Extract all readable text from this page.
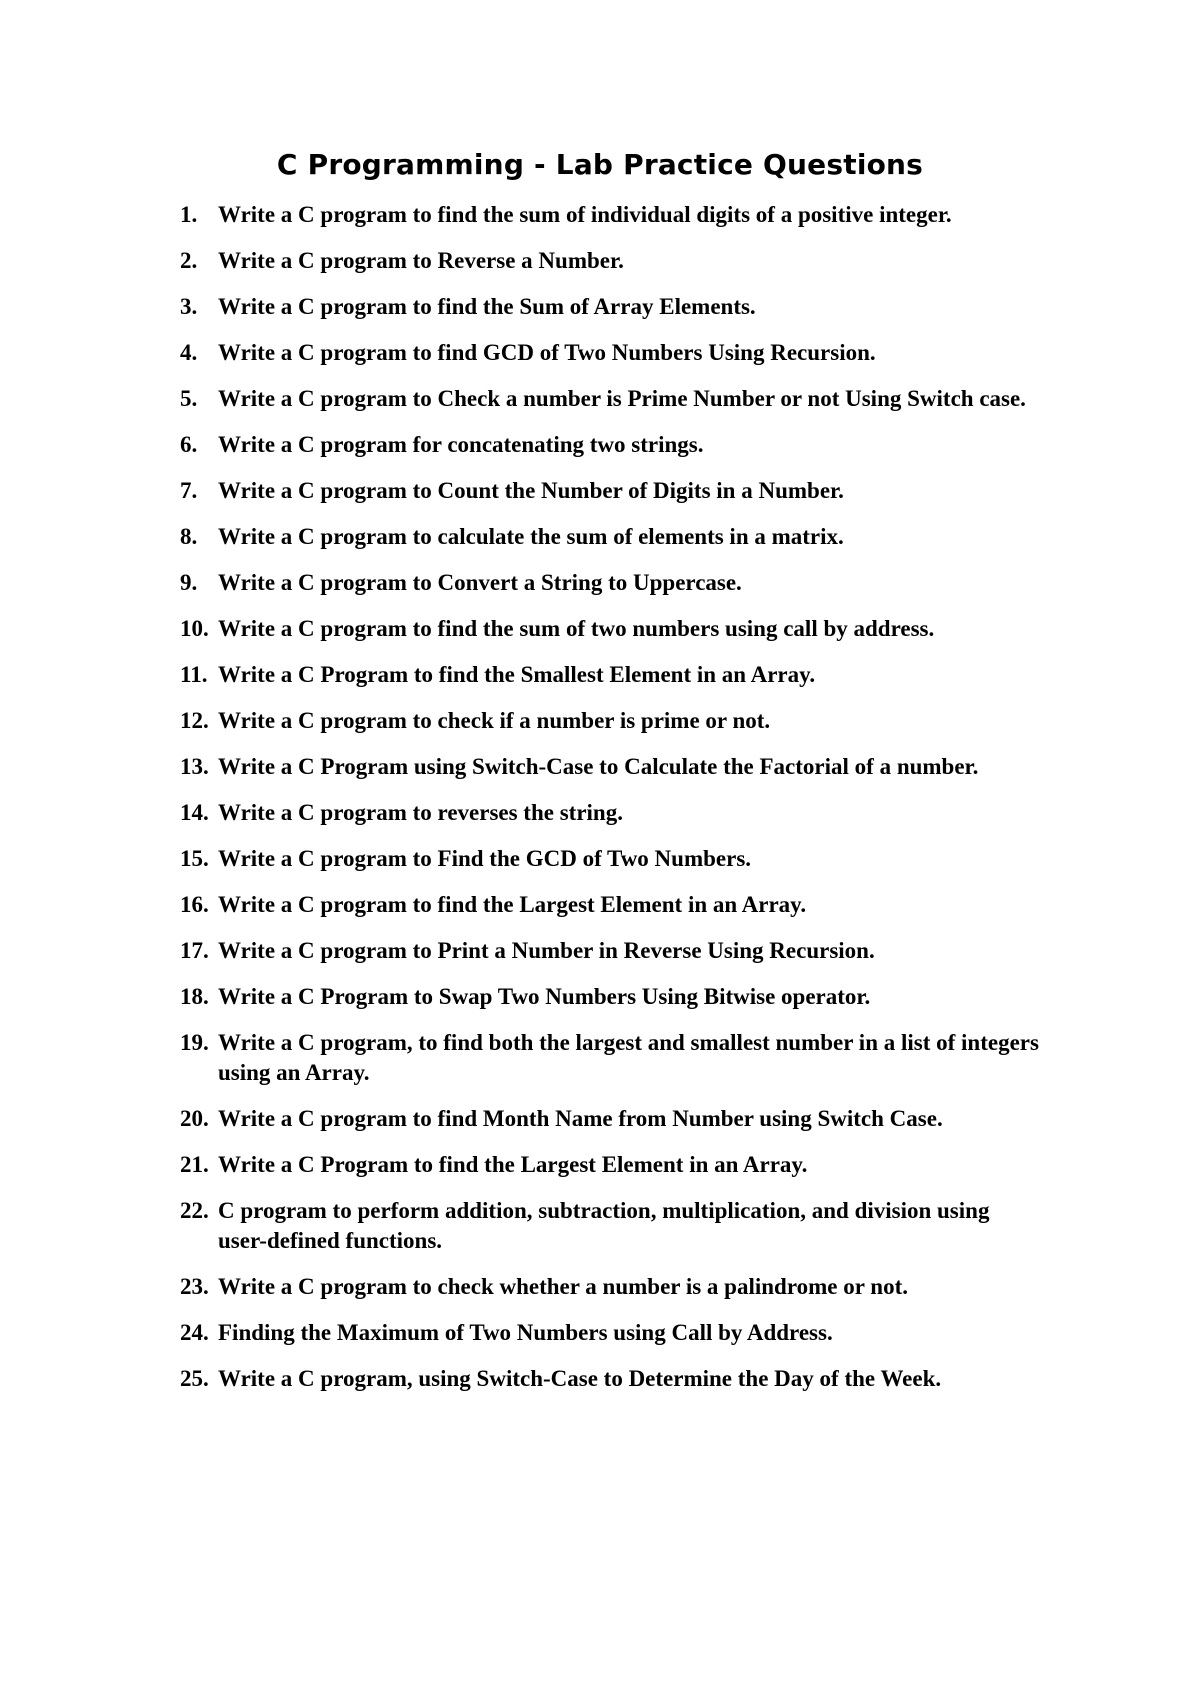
C Programming - Lab Practice Questions
1. Write a C program to find the sum of individual digits of a positive integer.
2. Write a C program to Reverse a Number.
3. Write a C program to find the Sum of Array Elements.
4. Write a C program to find GCD of Two Numbers Using Recursion.
5. Write a C program to Check a number is Prime Number or not Using Switch case.
6. Write a C program for concatenating two strings.
7. Write a C program to Count the Number of Digits in a Number.
8. Write a C program to calculate the sum of elements in a matrix.
9. Write a C program to Convert a String to Uppercase.
10. Write a C program to find the sum of two numbers using call by address.
11. Write a C Program to find the Smallest Element in an Array.
12. Write a C program to check if a number is prime or not.
13. Write a C Program using Switch-Case to Calculate the Factorial of a number.
14. Write a C program to reverses the string.
15. Write a C program to Find the GCD of Two Numbers.
16. Write a C program to find the Largest Element in an Array.
17. Write a C program to Print a Number in Reverse Using Recursion.
18. Write a C Program to Swap Two Numbers Using Bitwise operator.
19. Write a C program, to find both the largest and smallest number in a list of integers using an Array.
20. Write a C program to find Month Name from Number using Switch Case.
21. Write a C Program to find the Largest Element in an Array.
22. C program to perform addition, subtraction, multiplication, and division using user-defined functions.
23. Write a C program to check whether a number is a palindrome or not.
24. Finding the Maximum of Two Numbers using Call by Address.
25. Write a C program, using Switch-Case to Determine the Day of the Week.
